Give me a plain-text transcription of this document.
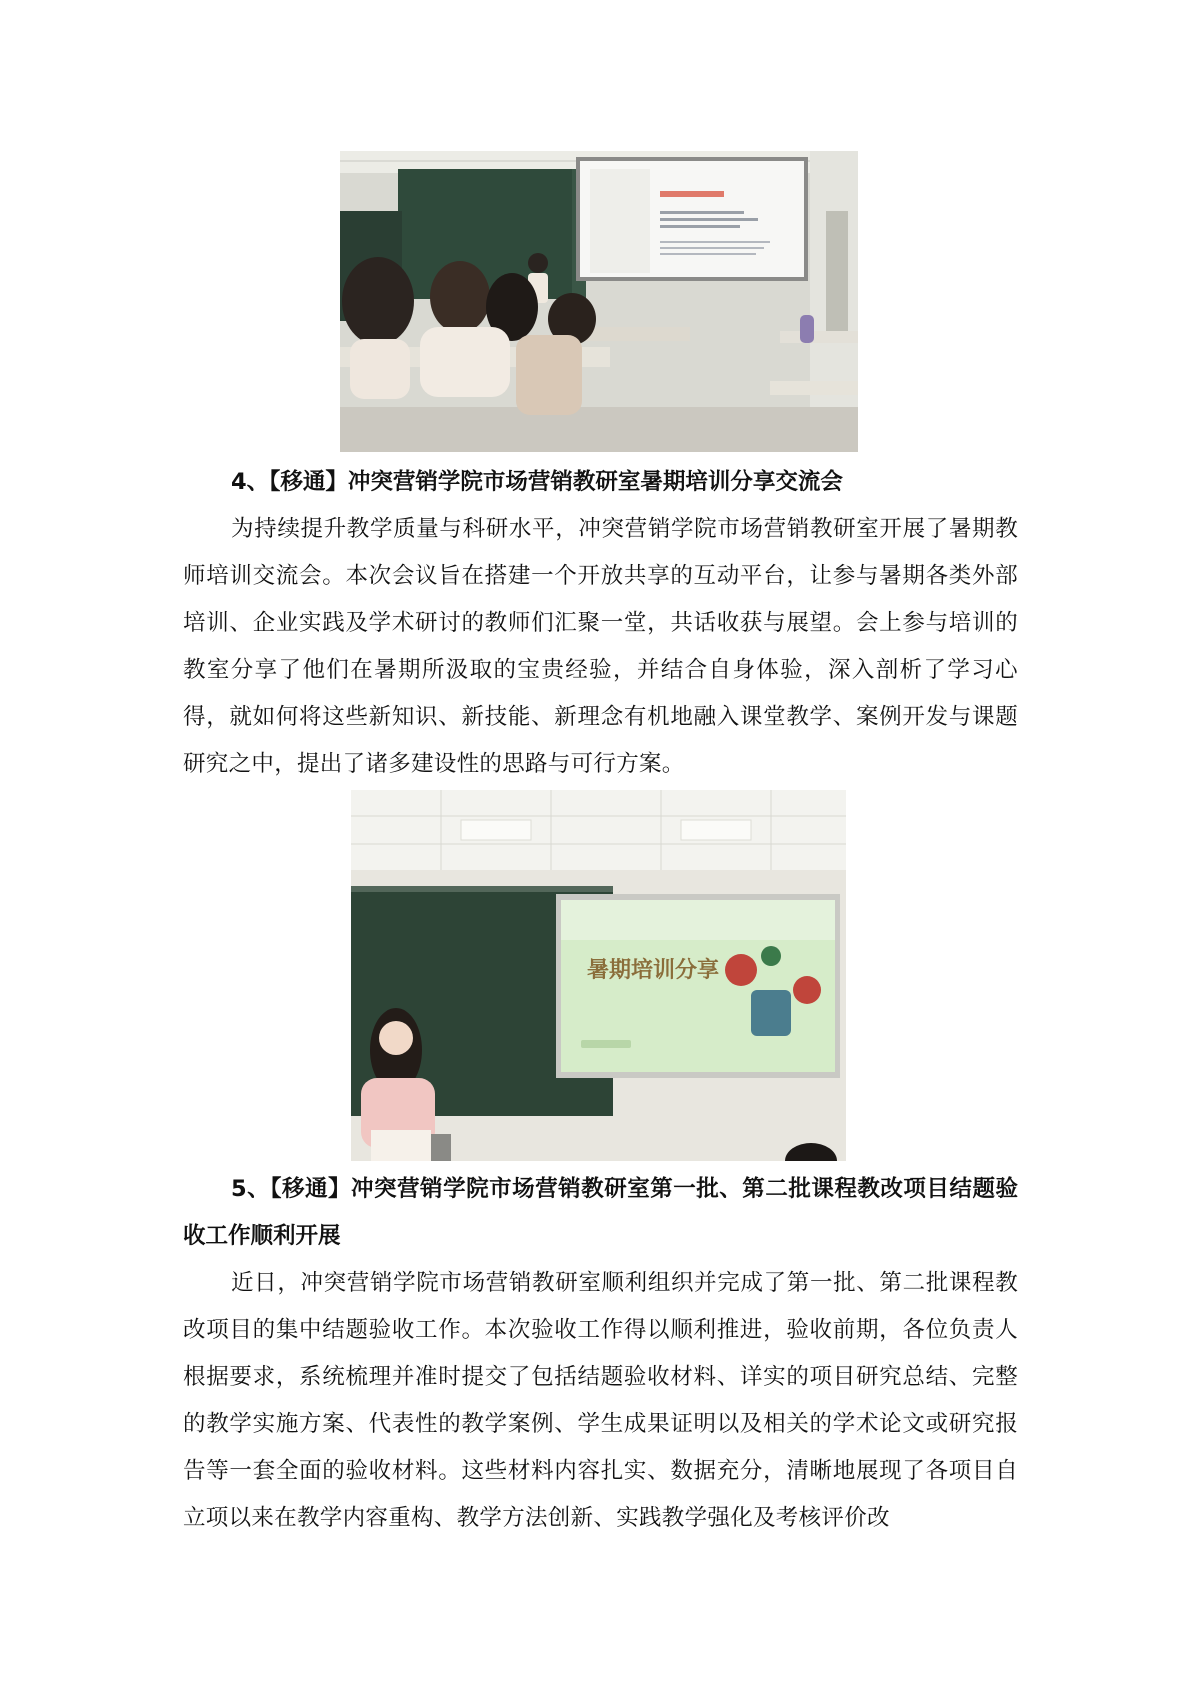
4、【移通】冲突营销学院市场营销教研室暑期培训分享交流会

为持续提升教学质量与科研水平，冲突营销学院市场营销教研室开展了暑期教师培训交流会。本次会议旨在搭建一个开放共享的互动平台，让参与暑期各类外部培训、企业实践及学术研讨的教师们汇聚一堂，共话收获与展望。会上参与培训的教室分享了他们在暑期所汲取的宝贵经验，并结合自身体验，深入剖析了学习心得，就如何将这些新知识、新技能、新理念有机地融入课堂教学、案例开发与课题研究之中，提出了诸多建设性的思路与可行方案。

暑期培训分享
5、【移通】冲突营销学院市场营销教研室第一批、第二批课程教改项目结题验收工作顺利开展

近日，冲突营销学院市场营销教研室顺利组织并完成了第一批、第二批课程教改项目的集中结题验收工作。本次验收工作得以顺利推进，验收前期，各位负责人根据要求，系统梳理并准时提交了包括结题验收材料、详实的项目研究总结、完整的教学实施方案、代表性的教学案例、学生成果证明以及相关的学术论文或研究报告等一套全面的验收材料。这些材料内容扎实、数据充分，清晰地展现了各项目自立项以来在教学内容重构、教学方法创新、实践教学强化及考核评价改
